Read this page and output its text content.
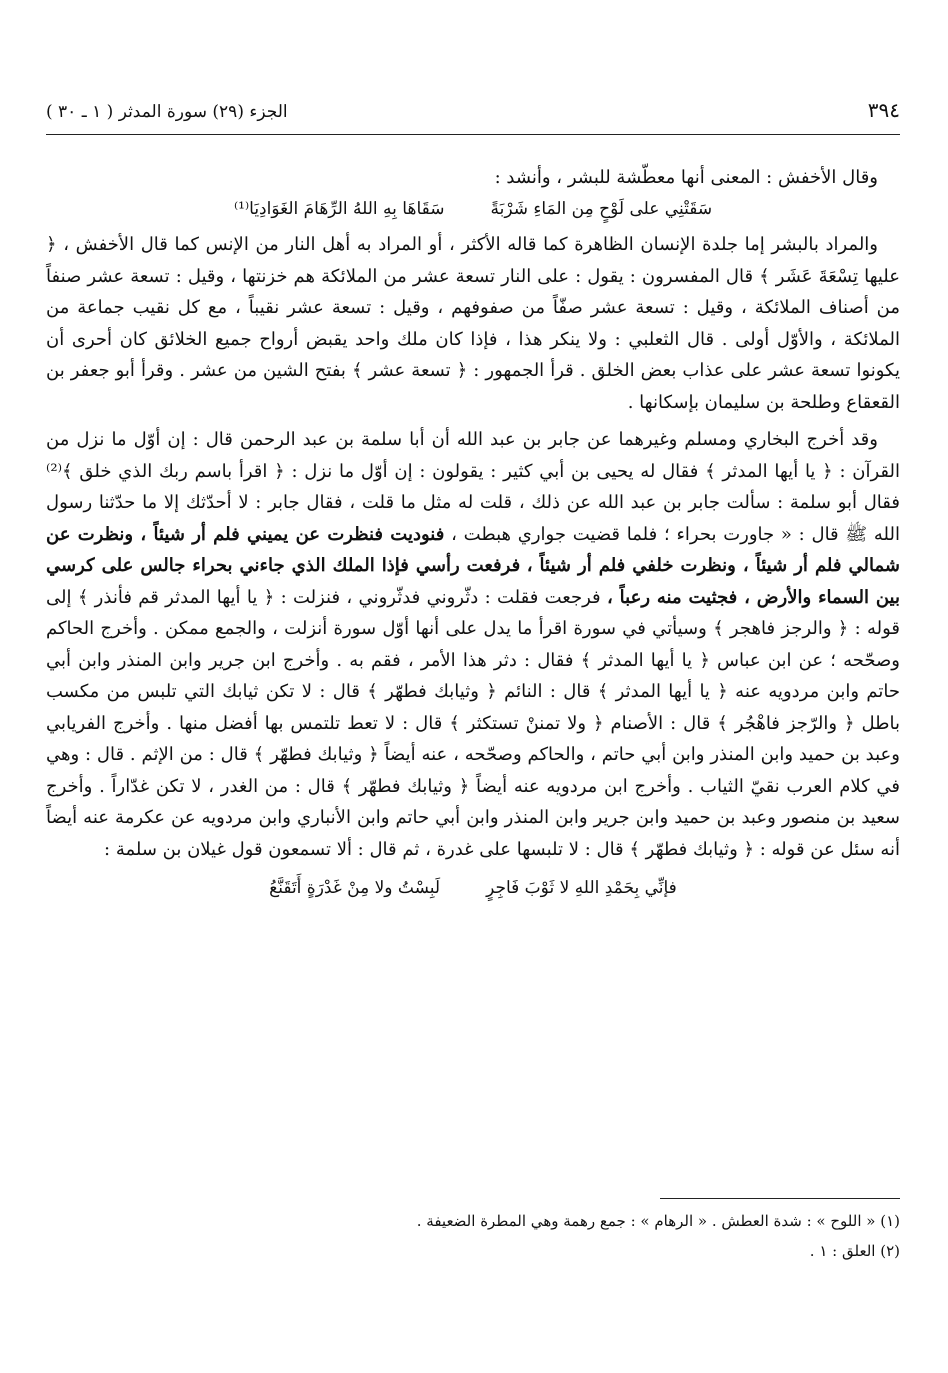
٣٩٤
الجزء (٢٩) سورة المدثر ( ١ ـ ٣٠ )

وقال الأخفش : المعنى أنها معطّشة للبشر ، وأنشد :

سَقَتْنِي على لَوْحٍ مِن المَاءِ شَرْبَةً
سَقَاهَا بِهِ اللهُ الرِّهَامَ الغَوَادِيَا⁽¹⁾

والمراد بالبشر إما جلدة الإنسان الظاهرة كما قاله الأكثر ، أو المراد به أهل النار من الإنس كما قال الأخفش ، ﴿ عليها تِسْعَةَ عَشَر ﴾ قال المفسرون : يقول : على النار تسعة عشر من الملائكة هم خزنتها ، وقيل : تسعة عشر صنفاً من أصناف الملائكة ، وقيل : تسعة عشر صفّاً من صفوفهم ، وقيل : تسعة عشر نقيباً ، مع كل نقيب جماعة من الملائكة ، والأوّل أولى . قال الثعلبي : ولا ينكر هذا ، فإذا كان ملك واحد يقبض أرواح جميع الخلائق كان أحرى أن يكونوا تسعة عشر على عذاب بعض الخلق . قرأ الجمهور : ﴿ تسعة عشر ﴾ بفتح الشين من عشر . وقرأ أبو جعفر بن القعقاع وطلحة بن سليمان بإسكانها .

وقد أخرج البخاري ومسلم وغيرهما عن جابر بن عبد الله أن أبا سلمة بن عبد الرحمن قال : إن أوّل ما نزل من القرآن : ﴿ يا أيها المدثر ﴾ فقال له يحيى بن أبي كثير : يقولون : إن أوّل ما نزل : ﴿ اقرأ باسم ربك الذي خلق ﴾⁽²⁾ فقال أبو سلمة : سألت جابر بن عبد الله عن ذلك ، قلت له مثل ما قلت ، فقال جابر : لا أحدّثك إلا ما حدّثنا رسول الله ﷺ قال : « جاورت بحراء ؛ فلما قضيت جواري هبطت ، فنوديت فنظرت عن يميني فلم أر شيئاً ، ونظرت عن شمالي فلم أر شيئاً ، ونظرت خلفي فلم أر شيئاً ، فرفعت رأسي فإذا الملك الذي جاءني بحراء جالس على كرسي بين السماء والأرض ، فجثيت منه رعباً ، فرجعت فقلت : دثّروني فدثّروني ، فنزلت : ﴿ يا أيها المدثر قم فأنذر ﴾ إلى قوله : ﴿ والرجز فاهجر ﴾ وسيأتي في سورة اقرأ ما يدل على أنها أوّل سورة أنزلت ، والجمع ممكن . وأخرج الحاكم وصحّحه ؛ عن ابن عباس ﴿ يا أيها المدثر ﴾ فقال : دثر هذا الأمر ، فقم به . وأخرج ابن جرير وابن المنذر وابن أبي حاتم وابن مردويه عنه ﴿ يا أيها المدثر ﴾ قال : النائم ﴿ وثيابك فطهّر ﴾ قال : لا تكن ثيابك التي تلبس من مكسب باطل ﴿ والرّجز فاهْجُر ﴾ قال : الأصنام ﴿ ولا تمننْ تستكثر ﴾ قال : لا تعط تلتمس بها أفضل منها . وأخرج الفريابي وعبد بن حميد وابن المنذر وابن أبي حاتم ، والحاكم وصحّحه ، عنه أيضاً ﴿ وثيابك فطهّر ﴾ قال : من الإثم . قال : وهي في كلام العرب نقيّ الثياب . وأخرج ابن مردويه عنه أيضاً ﴿ وثيابك فطهّر ﴾ قال : من الغدر ، لا تكن غدّاراً . وأخرج سعيد بن منصور وعبد بن حميد وابن جرير وابن المنذر وابن أبي حاتم وابن الأنباري وابن مردويه عن عكرمة عنه أيضاً أنه سئل عن قوله : ﴿ وثيابك فطهّر ﴾ قال : لا تلبسها على غدرة ، ثم قال : ألا تسمعون قول غيلان بن سلمة :

فإنِّي بِحَمْدِ اللهِ لا ثَوْبَ فَاجِرٍ
لَبِسْتُ ولا مِنْ غَدْرَةٍ أَتَقَنَّعُ
(١) « اللوح » : شدة العطش . « الرهام » : جمع رهمة وهي المطرة الضعيفة .
(٢) العلق : ١ .
